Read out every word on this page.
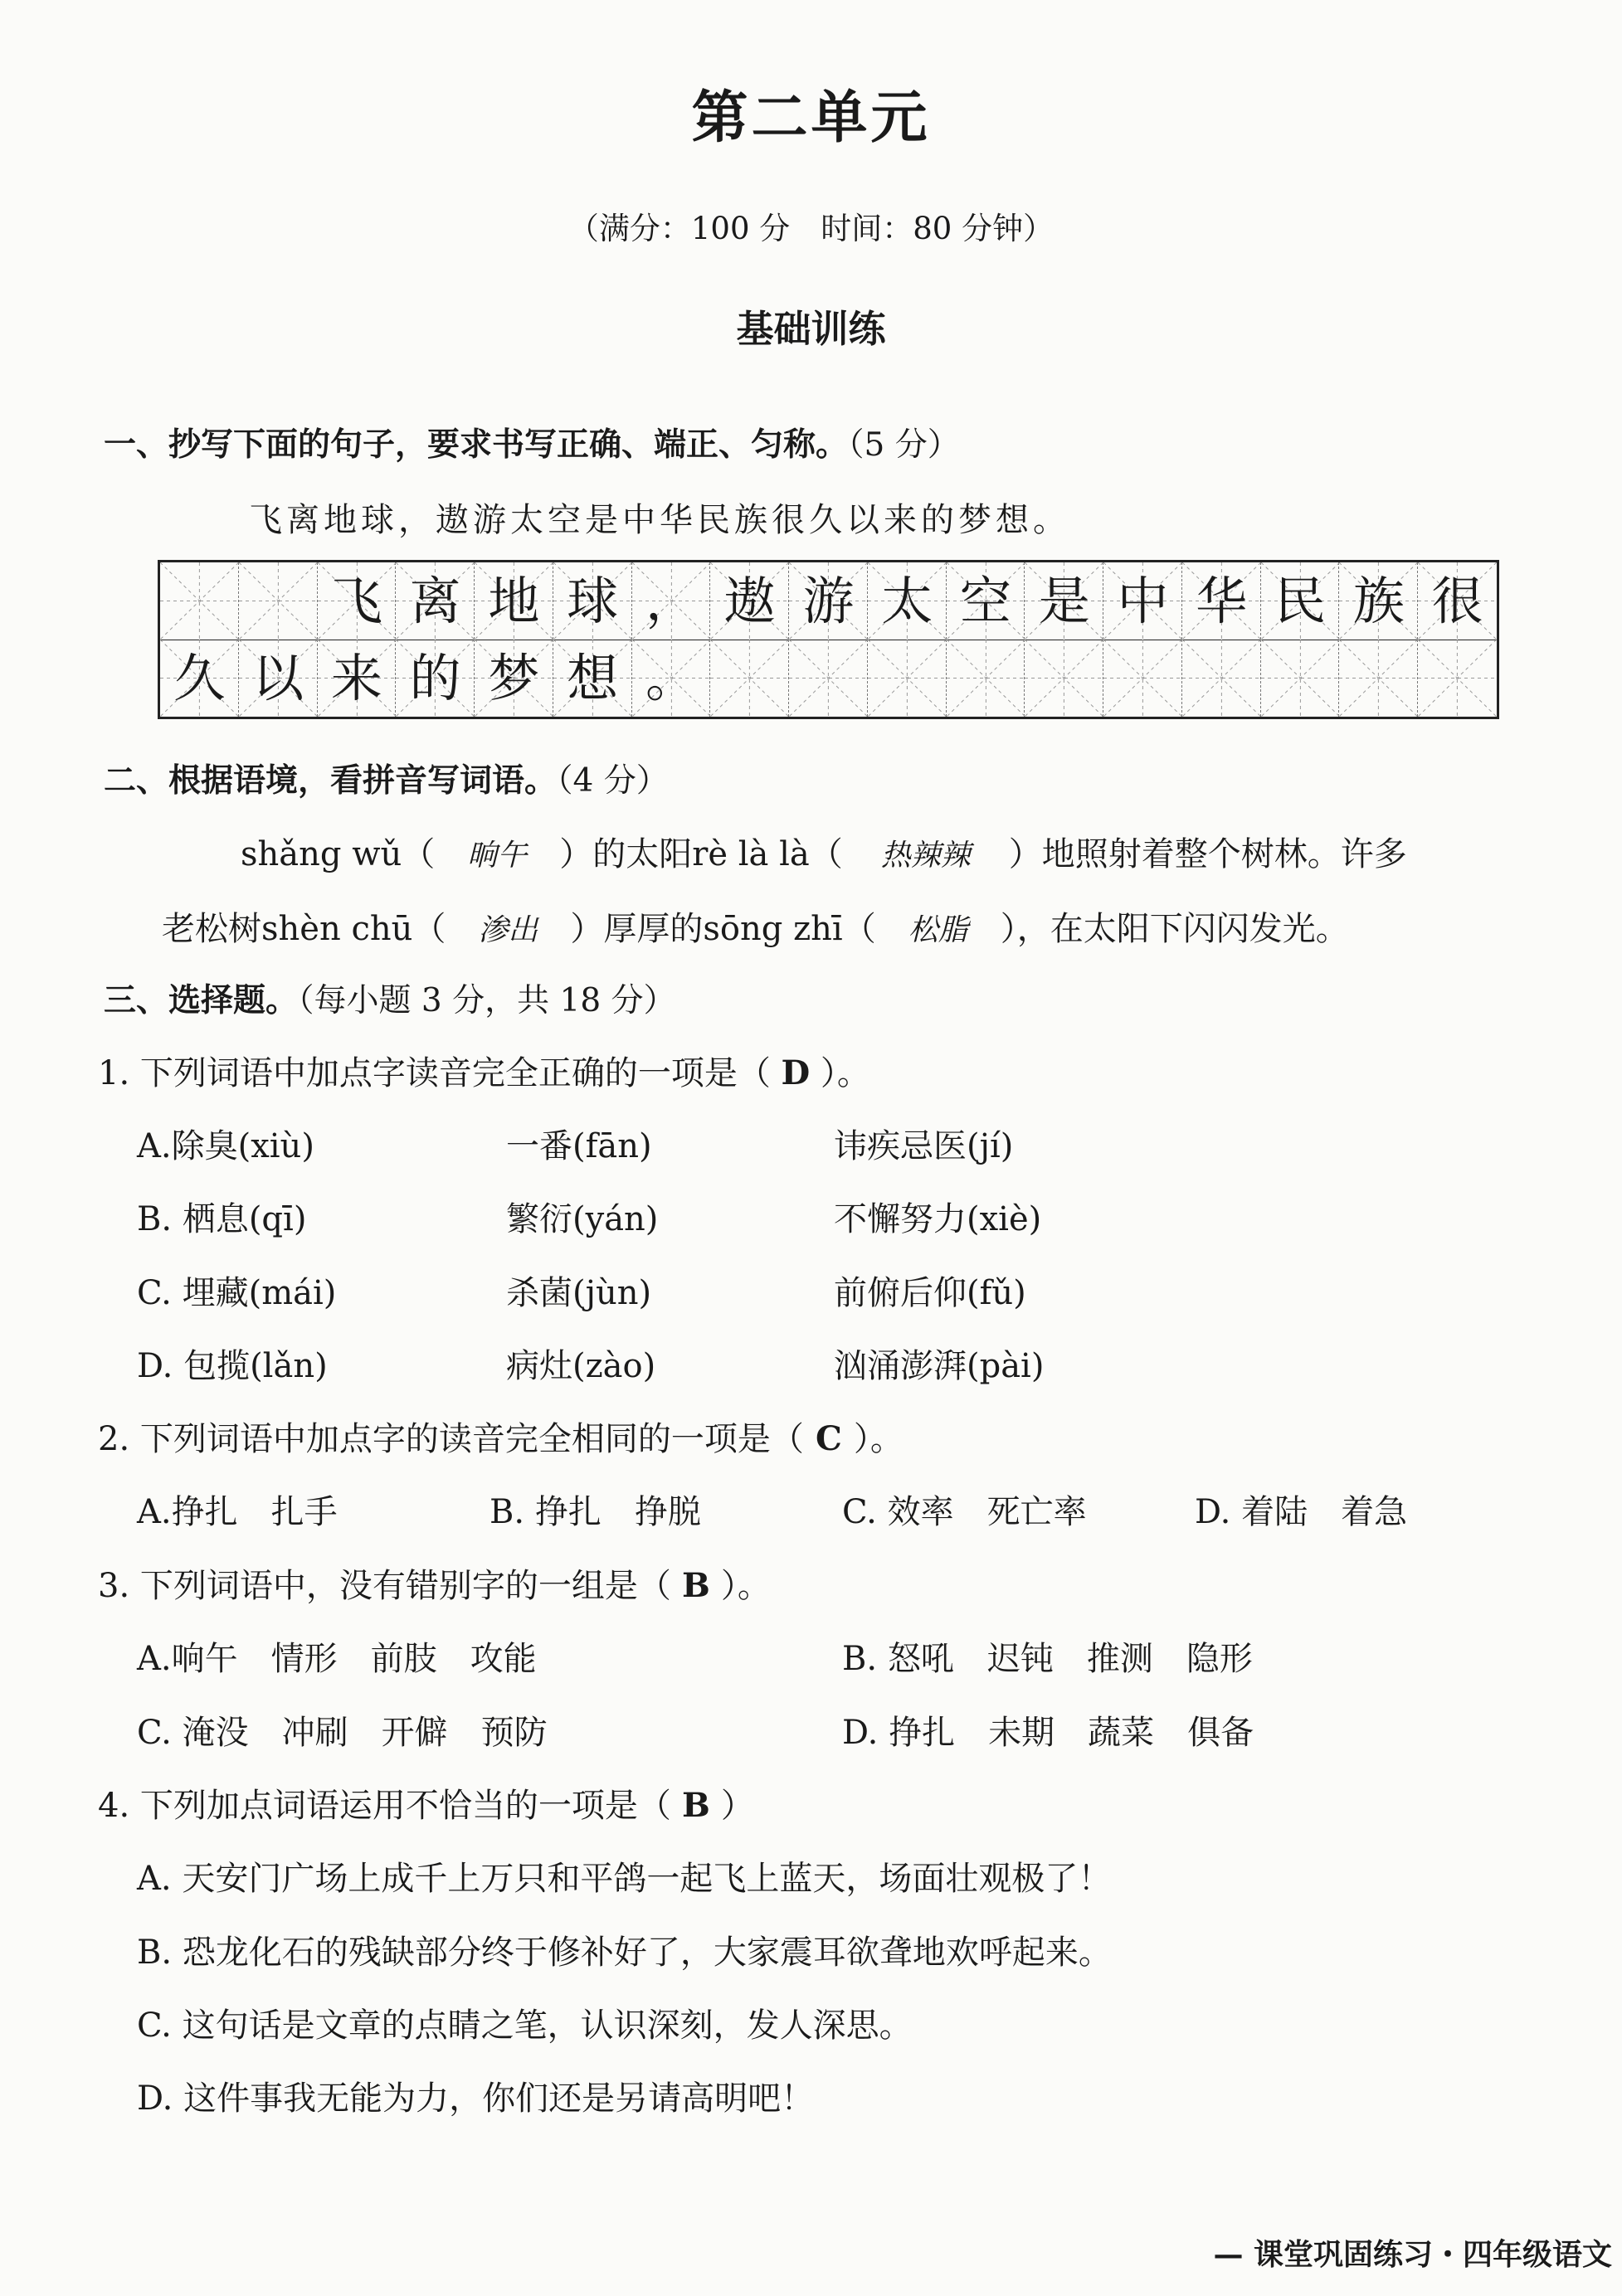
第二单元
（满分：100 分　时间：80 分钟）
基础训练
一、抄写下面的句子，要求书写正确、端正、匀称。（5 分）
飞离地球，遨游太空是中华民族很久以来的梦想。
飞 离 地 球 ， 遨 游 太 空 是 中 华 民 族 很
久 以 来 的 梦 想 。
二、根据语境，看拼音写词语。（4 分）
shǎng wǔ（ 晌午 ）的太阳rè là là（ 热辣辣 ）地照射着整个树林。许多
老松树shèn chū（ 渗出 ）厚厚的sōng zhī（ 松脂 ），在太阳下闪闪发光。
三、选择题。（每小题 3 分，共 18 分）
1. 下列词语中加点字读音完全正确的一项是（ D ）。
A.除臭(xiù)	一番(fān)	讳疾忌医(jí)
B. 栖息(qī)	繁衍(yán)	不懈努力(xiè)
C. 埋藏(mái)	杀菌(jùn)	前俯后仰(fǔ)
D. 包揽(lǎn)	病灶(zào)	汹涌澎湃(pài)
2. 下列词语中加点字的读音完全相同的一项是（ C ）。
A.挣扎　扎手	B. 挣扎　挣脱	C. 效率　死亡率	D. 着陆　着急
3. 下列词语中，没有错别字的一组是（ B ）。
A.响午　情形　前肢　攻能	B. 怒吼　迟钝　推测　隐形
C. 淹没　冲刷　开僻　预防	D. 挣扎　未期　蔬菜　俱备
4. 下列加点词语运用不恰当的一项是（ B ）
A. 天安门广场上成千上万只和平鸽一起飞上蓝天，场面壮观极了！
B. 恐龙化石的残缺部分终于修补好了，大家震耳欲聋地欢呼起来。
C. 这句话是文章的点睛之笔，认识深刻，发人深思。
D. 这件事我无能为力，你们还是另请高明吧！
— 课堂巩固练习・四年级语文
